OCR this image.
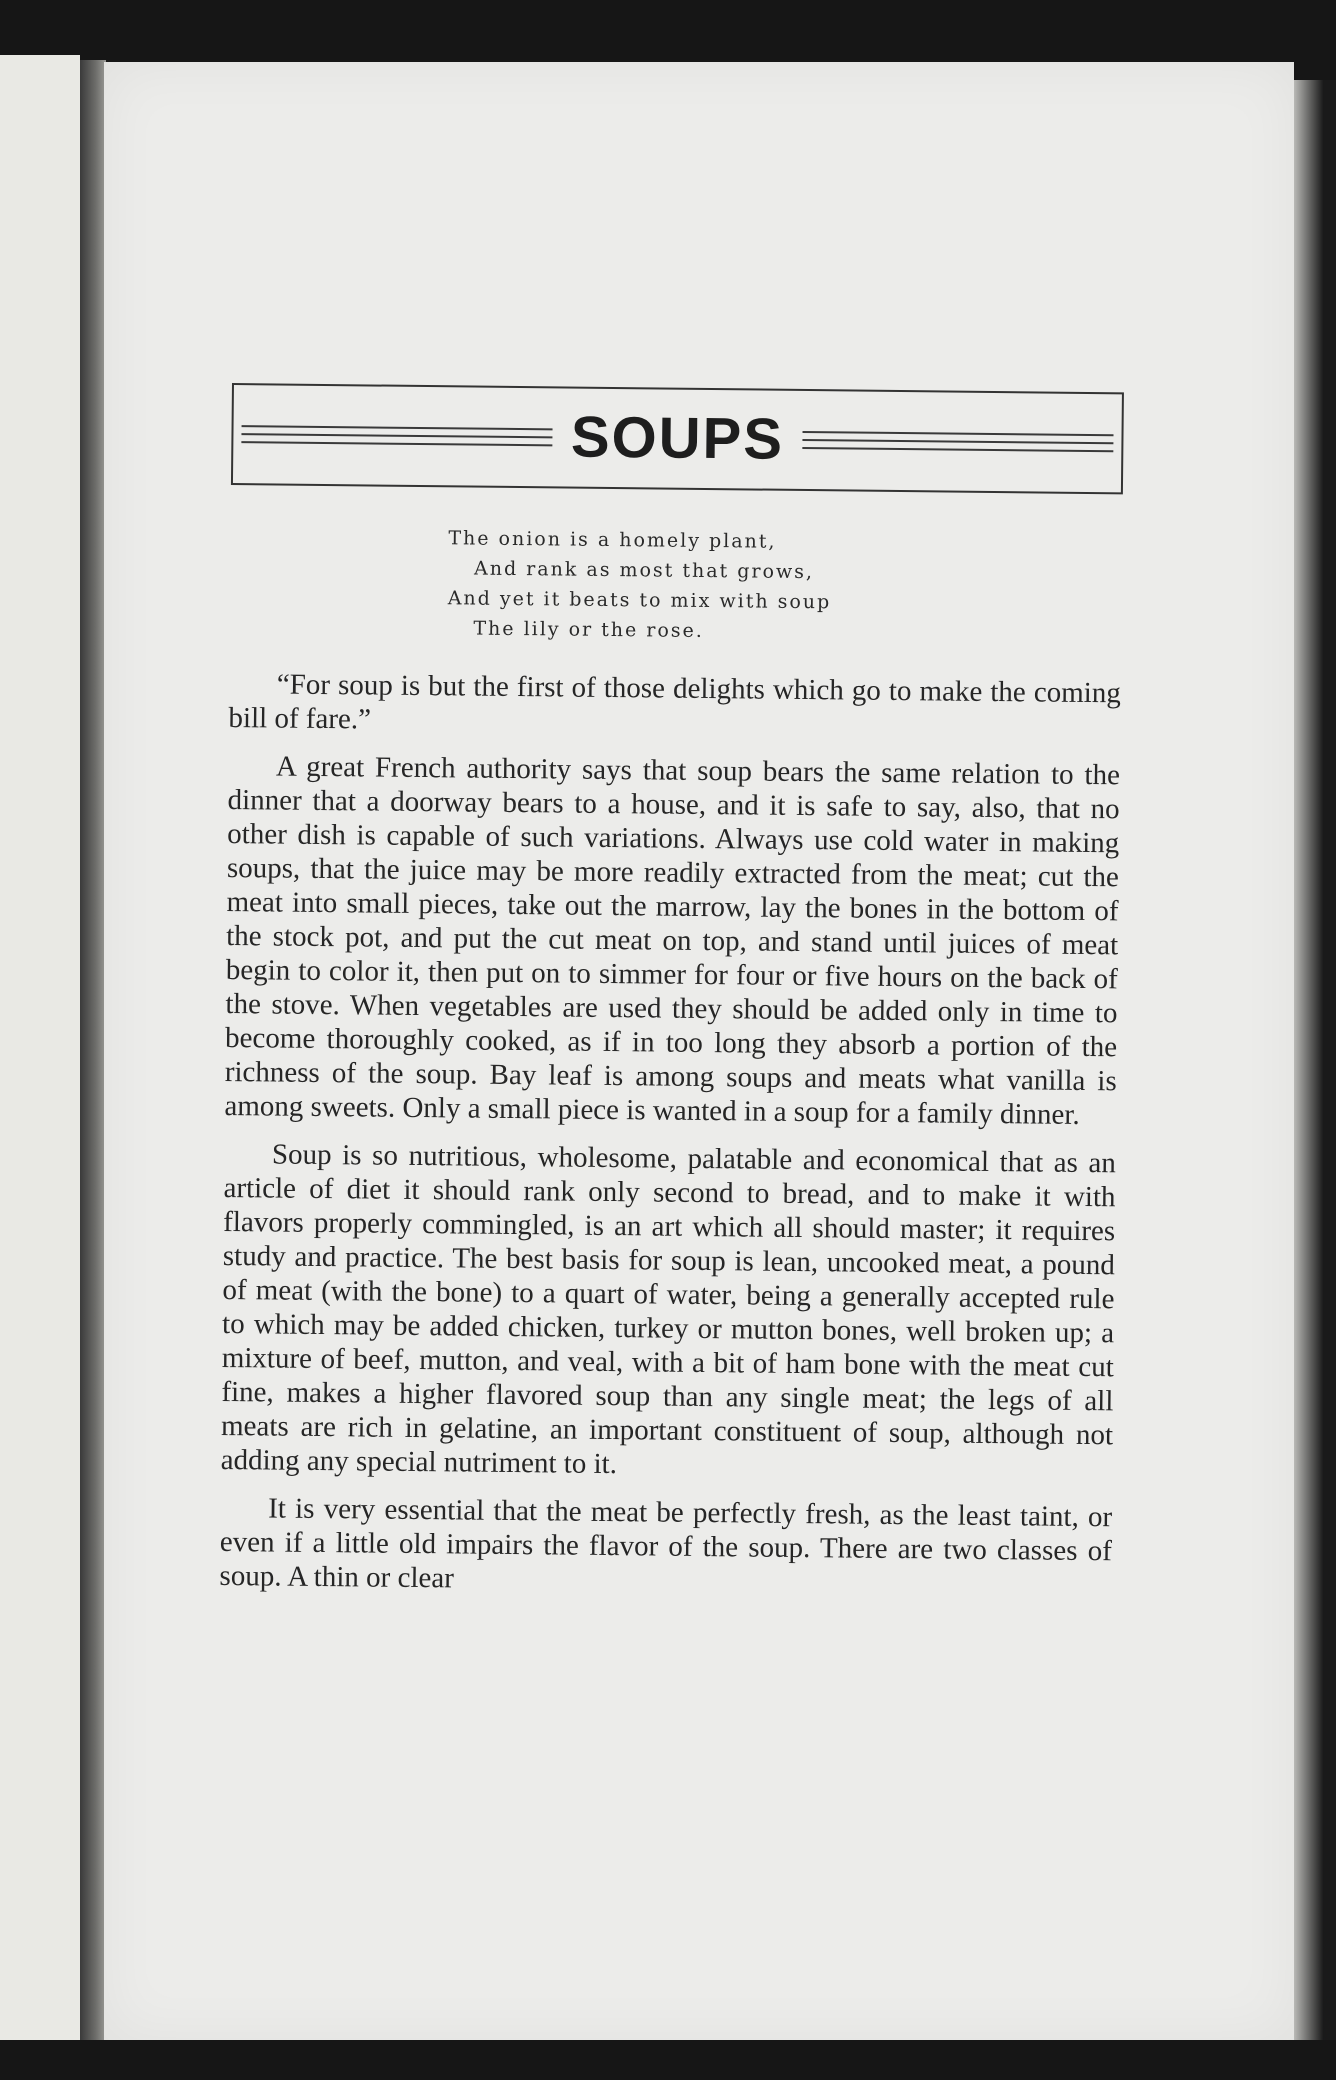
SOUPS
The onion is a homely plant,
And rank as most that grows,
And yet it beats to mix with soup
The lily or the rose.

“For soup is but the first of those delights which go to make the coming bill of fare.”

A great French authority says that soup bears the same relation to the dinner that a doorway bears to a house, and it is safe to say, also, that no other dish is capable of such variations. Always use cold water in making soups, that the juice may be more readily extracted from the meat; cut the meat into small pieces, take out the marrow, lay the bones in the bottom of the stock pot, and put the cut meat on top, and stand until juices of meat begin to color it, then put on to simmer for four or five hours on the back of the stove. When vegetables are used they should be added only in time to become thoroughly cooked, as if in too long they absorb a portion of the richness of the soup. Bay leaf is among soups and meats what vanilla is among sweets. Only a small piece is wanted in a soup for a family dinner.

Soup is so nutritious, wholesome, palatable and economical that as an article of diet it should rank only second to bread, and to make it with flavors properly commingled, is an art which all should master; it requires study and practice. The best basis for soup is lean, uncooked meat, a pound of meat (with the bone) to a quart of water, being a generally accepted rule to which may be added chicken, turkey or mutton bones, well broken up; a mixture of beef, mutton, and veal, with a bit of ham bone with the meat cut fine, makes a higher flavored soup than any single meat; the legs of all meats are rich in gelatine, an important constituent of soup, although not adding any special nutriment to it.

It is very essential that the meat be perfectly fresh, as the least taint, or even if a little old impairs the flavor of the soup. There are two classes of soup. A thin or clear
